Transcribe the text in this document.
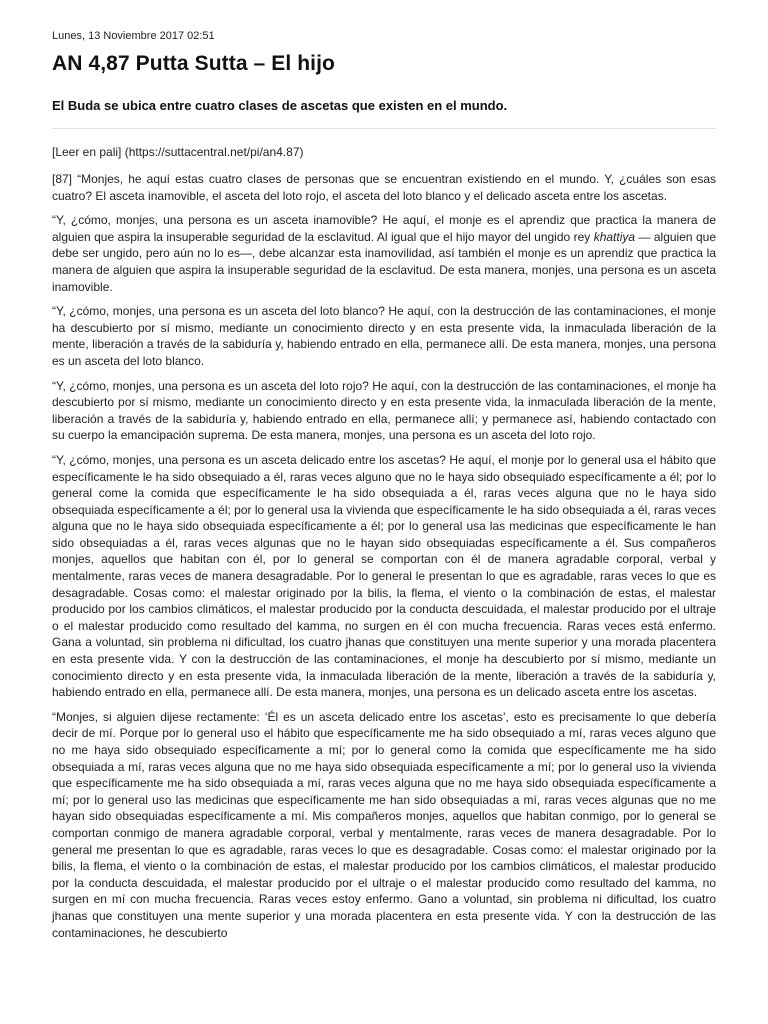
Lunes, 13 Noviembre 2017 02:51
AN 4,87 Putta Sutta – El hijo
El Buda se ubica entre cuatro clases de ascetas que existen en el mundo.
[Leer en pali] (https://suttacentral.net/pi/an4.87)

[87] “Monjes, he aquí estas cuatro clases de personas que se encuentran existiendo en el mundo. Y, ¿cuáles son esas cuatro? El asceta inamovible, el asceta del loto rojo, el asceta del loto blanco y el delicado asceta entre los ascetas.

“Y, ¿cómo, monjes, una persona es un asceta inamovible? He aquí, el monje es el aprendiz que practica la manera de alguien que aspira la insuperable seguridad de la esclavitud. Al igual que el hijo mayor del ungido rey khattiya — alguien que debe ser ungido, pero aún no lo es—, debe alcanzar esta inamovilidad, así también el monje es un aprendiz que practica la manera de alguien que aspira la insuperable seguridad de la esclavitud. De esta manera, monjes, una persona es un asceta inamovible.

“Y, ¿cómo, monjes, una persona es un asceta del loto blanco? He aquí, con la destrucción de las contaminaciones, el monje ha descubierto por sí mismo, mediante un conocimiento directo y en esta presente vida, la inmaculada liberación de la mente, liberación a través de la sabiduría y, habiendo entrado en ella, permanece allí. De esta manera, monjes, una persona es un asceta del loto blanco.

“Y, ¿cómo, monjes, una persona es un asceta del loto rojo? He aquí, con la destrucción de las contaminaciones, el monje ha descubierto por sí mismo, mediante un conocimiento directo y en esta presente vida, la inmaculada liberación de la mente, liberación a través de la sabiduría y, habiendo entrado en ella, permanece allí; y permanece así, habiendo contactado con su cuerpo la emancipación suprema. De esta manera, monjes, una persona es un asceta del loto rojo.

“Y, ¿cómo, monjes, una persona es un asceta delicado entre los ascetas? He aquí, el monje por lo general usa el hábito que específicamente le ha sido obsequiado a él, raras veces alguno que no le haya sido obsequiado específicamente a él; por lo general come la comida que específicamente le ha sido obsequiada a él, raras veces alguna que no le haya sido obsequiada específicamente a él; por lo general usa la vivienda que específicamente le ha sido obsequiada a él, raras veces alguna que no le haya sido obsequiada específicamente a él; por lo general usa las medicinas que específicamente le han sido obsequiadas a él, raras veces algunas que no le hayan sido obsequiadas específicamente a él. Sus compañeros monjes, aquellos que habitan con él, por lo general se comportan con él de manera agradable corporal, verbal y mentalmente, raras veces de manera desagradable. Por lo general le presentan lo que es agradable, raras veces lo que es desagradable. Cosas como: el malestar originado por la bilis, la flema, el viento o la combinación de estas, el malestar producido por los cambios climáticos, el malestar producido por la conducta descuidada, el malestar producido por el ultraje o el malestar producido como resultado del kamma, no surgen en él con mucha frecuencia. Raras veces está enfermo. Gana a voluntad, sin problema ni dificultad, los cuatro jhanas que constituyen una mente superior y una morada placentera en esta presente vida. Y con la destrucción de las contaminaciones, el monje ha descubierto por sí mismo, mediante un conocimiento directo y en esta presente vida, la inmaculada liberación de la mente, liberación a través de la sabiduría y, habiendo entrado en ella, permanece allí. De esta manera, monjes, una persona es un delicado asceta entre los ascetas.

“Monjes, si alguien dijese rectamente: ‘Él es un asceta delicado entre los ascetas’, esto es precisamente lo que debería decir de mí. Porque por lo general uso el hábito que específicamente me ha sido obsequiado a mí, raras veces alguno que no me haya sido obsequiado específicamente a mí; por lo general como la comida que específicamente me ha sido obsequiada a mí, raras veces alguna que no me haya sido obsequiada específicamente a mí; por lo general uso la vivienda que específicamente me ha sido obsequiada a mí, raras veces alguna que no me haya sido obsequiada específicamente a mí; por lo general uso las medicinas que específicamente me han sido obsequiadas a mí, raras veces algunas que no me hayan sido obsequiadas específicamente a mí. Mis compañeros monjes, aquellos que habitan conmigo, por lo general se comportan conmigo de manera agradable corporal, verbal y mentalmente, raras veces de manera desagradable. Por lo general me presentan lo que es agradable, raras veces lo que es desagradable. Cosas como: el malestar originado por la bilis, la flema, el viento o la combinación de estas, el malestar producido por los cambios climáticos, el malestar producido por la conducta descuidada, el malestar producido por el ultraje o el malestar producido como resultado del kamma, no surgen en mí con mucha frecuencia. Raras veces estoy enfermo. Gano a voluntad, sin problema ni dificultad, los cuatro jhanas que constituyen una mente superior y una morada placentera en esta presente vida. Y con la destrucción de las contaminaciones, he descubierto
